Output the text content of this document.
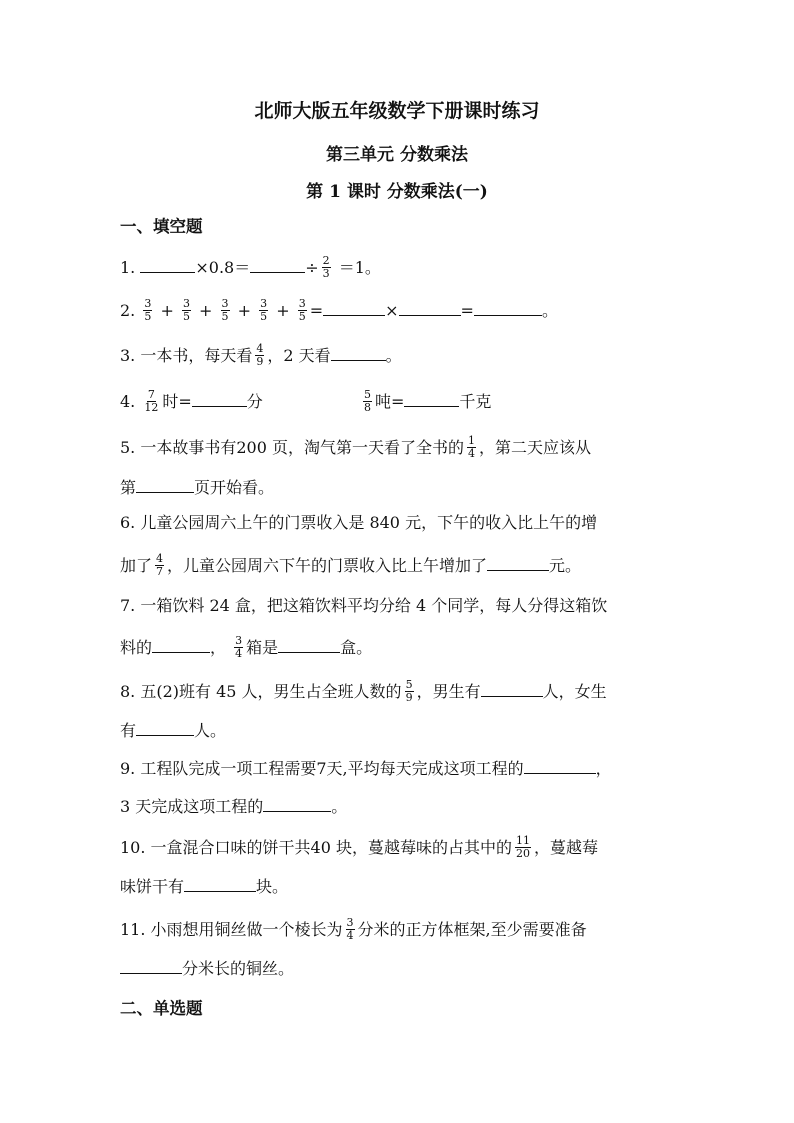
北师大版五年级数学下册课时练习
第三单元 分数乘法
第 1 课时 分数乘法(一)
一、填空题
1.	×0.8＝	÷ $\frac{2}{3} =1$。
2. $\frac{3}{5} + \frac{3}{5} + \frac{3}{5} + \frac{3}{5} + \frac{3}{5}$ =	×	=	。
3. 一本书，每天看 $\frac{4}{9}$ ，2 天看	。
4. $\frac{7}{12}$ 时=	分	$\frac{5}{8}$ 吨=	千克
5. 一本故事书有200 页，淘气第一天看了全书的 $\frac{1}{4}$ ，第二天应该从
第	页开始看。
6. 儿童公园周六上午的门票收入是 840 元，下午的收入比上午的增
加了 $\frac{4}{7}$ ，儿童公园周六下午的门票收入比上午增加了	元。
7. 一箱饮料 24 盒，把这箱饮料平均分给 4 个同学，每人分得这箱饮
料的	， $\frac{3}{4}$ 箱是	盒。
8. 五(2)班有 45 人，男生占全班人数的 $\frac{5}{9}$ ，男生有	人，女生
有	人。
9. 工程队完成一项工程需要7天,平均每天完成这项工程的	，
3 天完成这项工程的	。
10. 一盒混合口味的饼干共40 块，蔓越莓味的占其中的 $\frac{11}{20}$ ，蔓越莓
味饼干有	块。
11. 小雨想用铜丝做一个棱长为 $\frac{3}{4}$ 分米的正方体框架,至少需要准备
分米长的铜丝。
二、单选题
